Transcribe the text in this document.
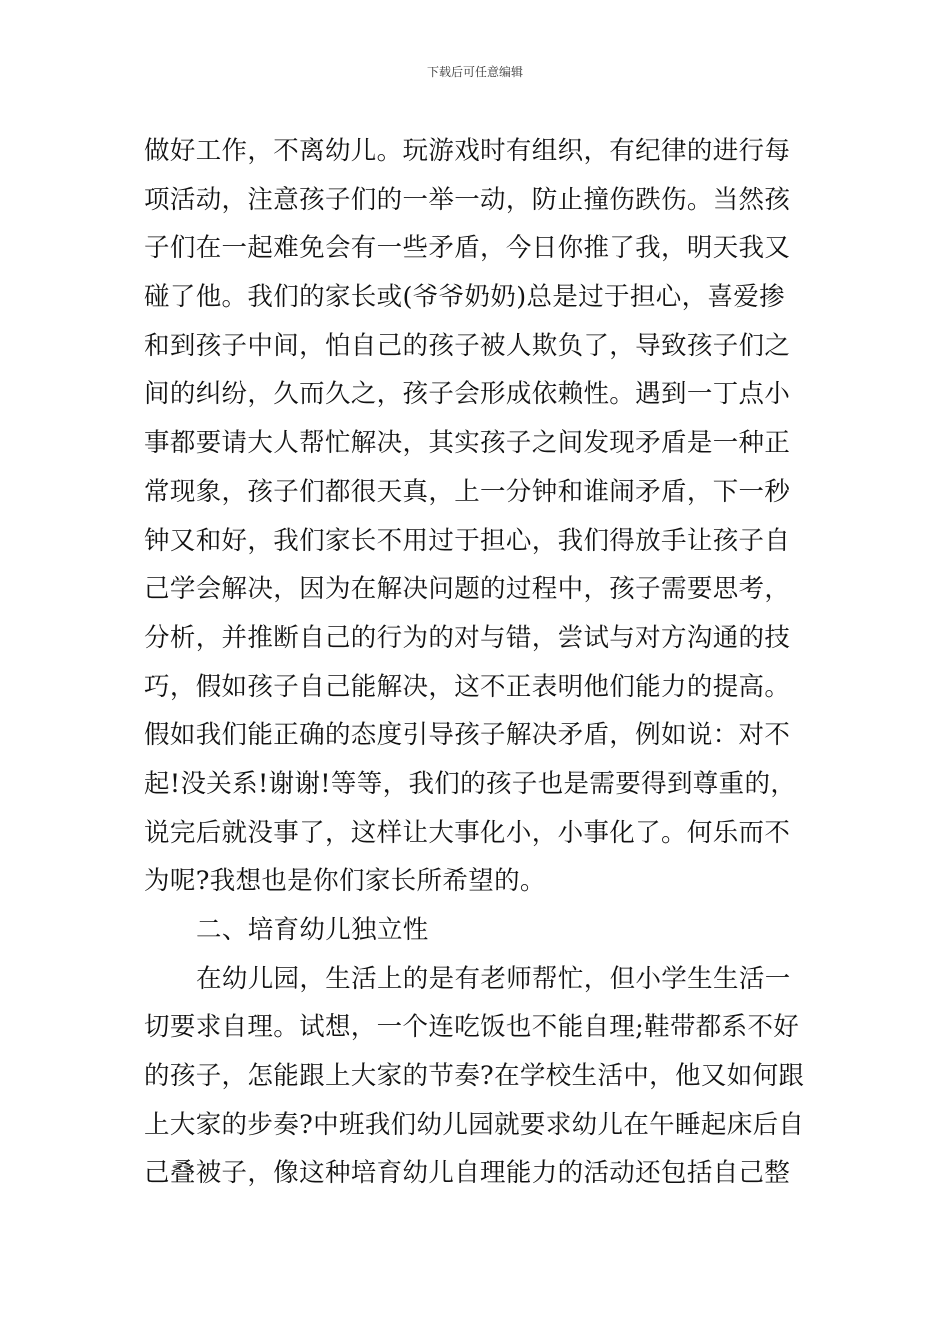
下载后可任意编辑
做好工作，不离幼儿。玩游戏时有组织，有纪律的进行每
项活动，注意孩子们的一举一动，防止撞伤跌伤。当然孩
子们在一起难免会有一些矛盾，今日你推了我，明天我又
碰了他。我们的家长或(爷爷奶奶)总是过于担心，喜爱掺
和到孩子中间，怕自己的孩子被人欺负了，导致孩子们之
间的纠纷，久而久之，孩子会形成依赖性。遇到一丁点小
事都要请大人帮忙解决，其实孩子之间发现矛盾是一种正
常现象，孩子们都很天真，上一分钟和谁闹矛盾，下一秒
钟又和好，我们家长不用过于担心，我们得放手让孩子自
己学会解决，因为在解决问题的过程中，孩子需要思考，
分析，并推断自己的行为的对与错，尝试与对方沟通的技
巧，假如孩子自己能解决，这不正表明他们能力的提高。
假如我们能正确的态度引导孩子解决矛盾，例如说：对不
起!没关系!谢谢!等等，我们的孩子也是需要得到尊重的，
说完后就没事了，这样让大事化小，小事化了。何乐而不
为呢?我想也是你们家长所希望的。
二、培育幼儿独立性
在幼儿园，生活上的是有老师帮忙，但小学生生活一
切要求自理。试想，一个连吃饭也不能自理;鞋带都系不好
的孩子，怎能跟上大家的节奏?在学校生活中，他又如何跟
上大家的步奏?中班我们幼儿园就要求幼儿在午睡起床后自
己叠被子，像这种培育幼儿自理能力的活动还包括自己整
